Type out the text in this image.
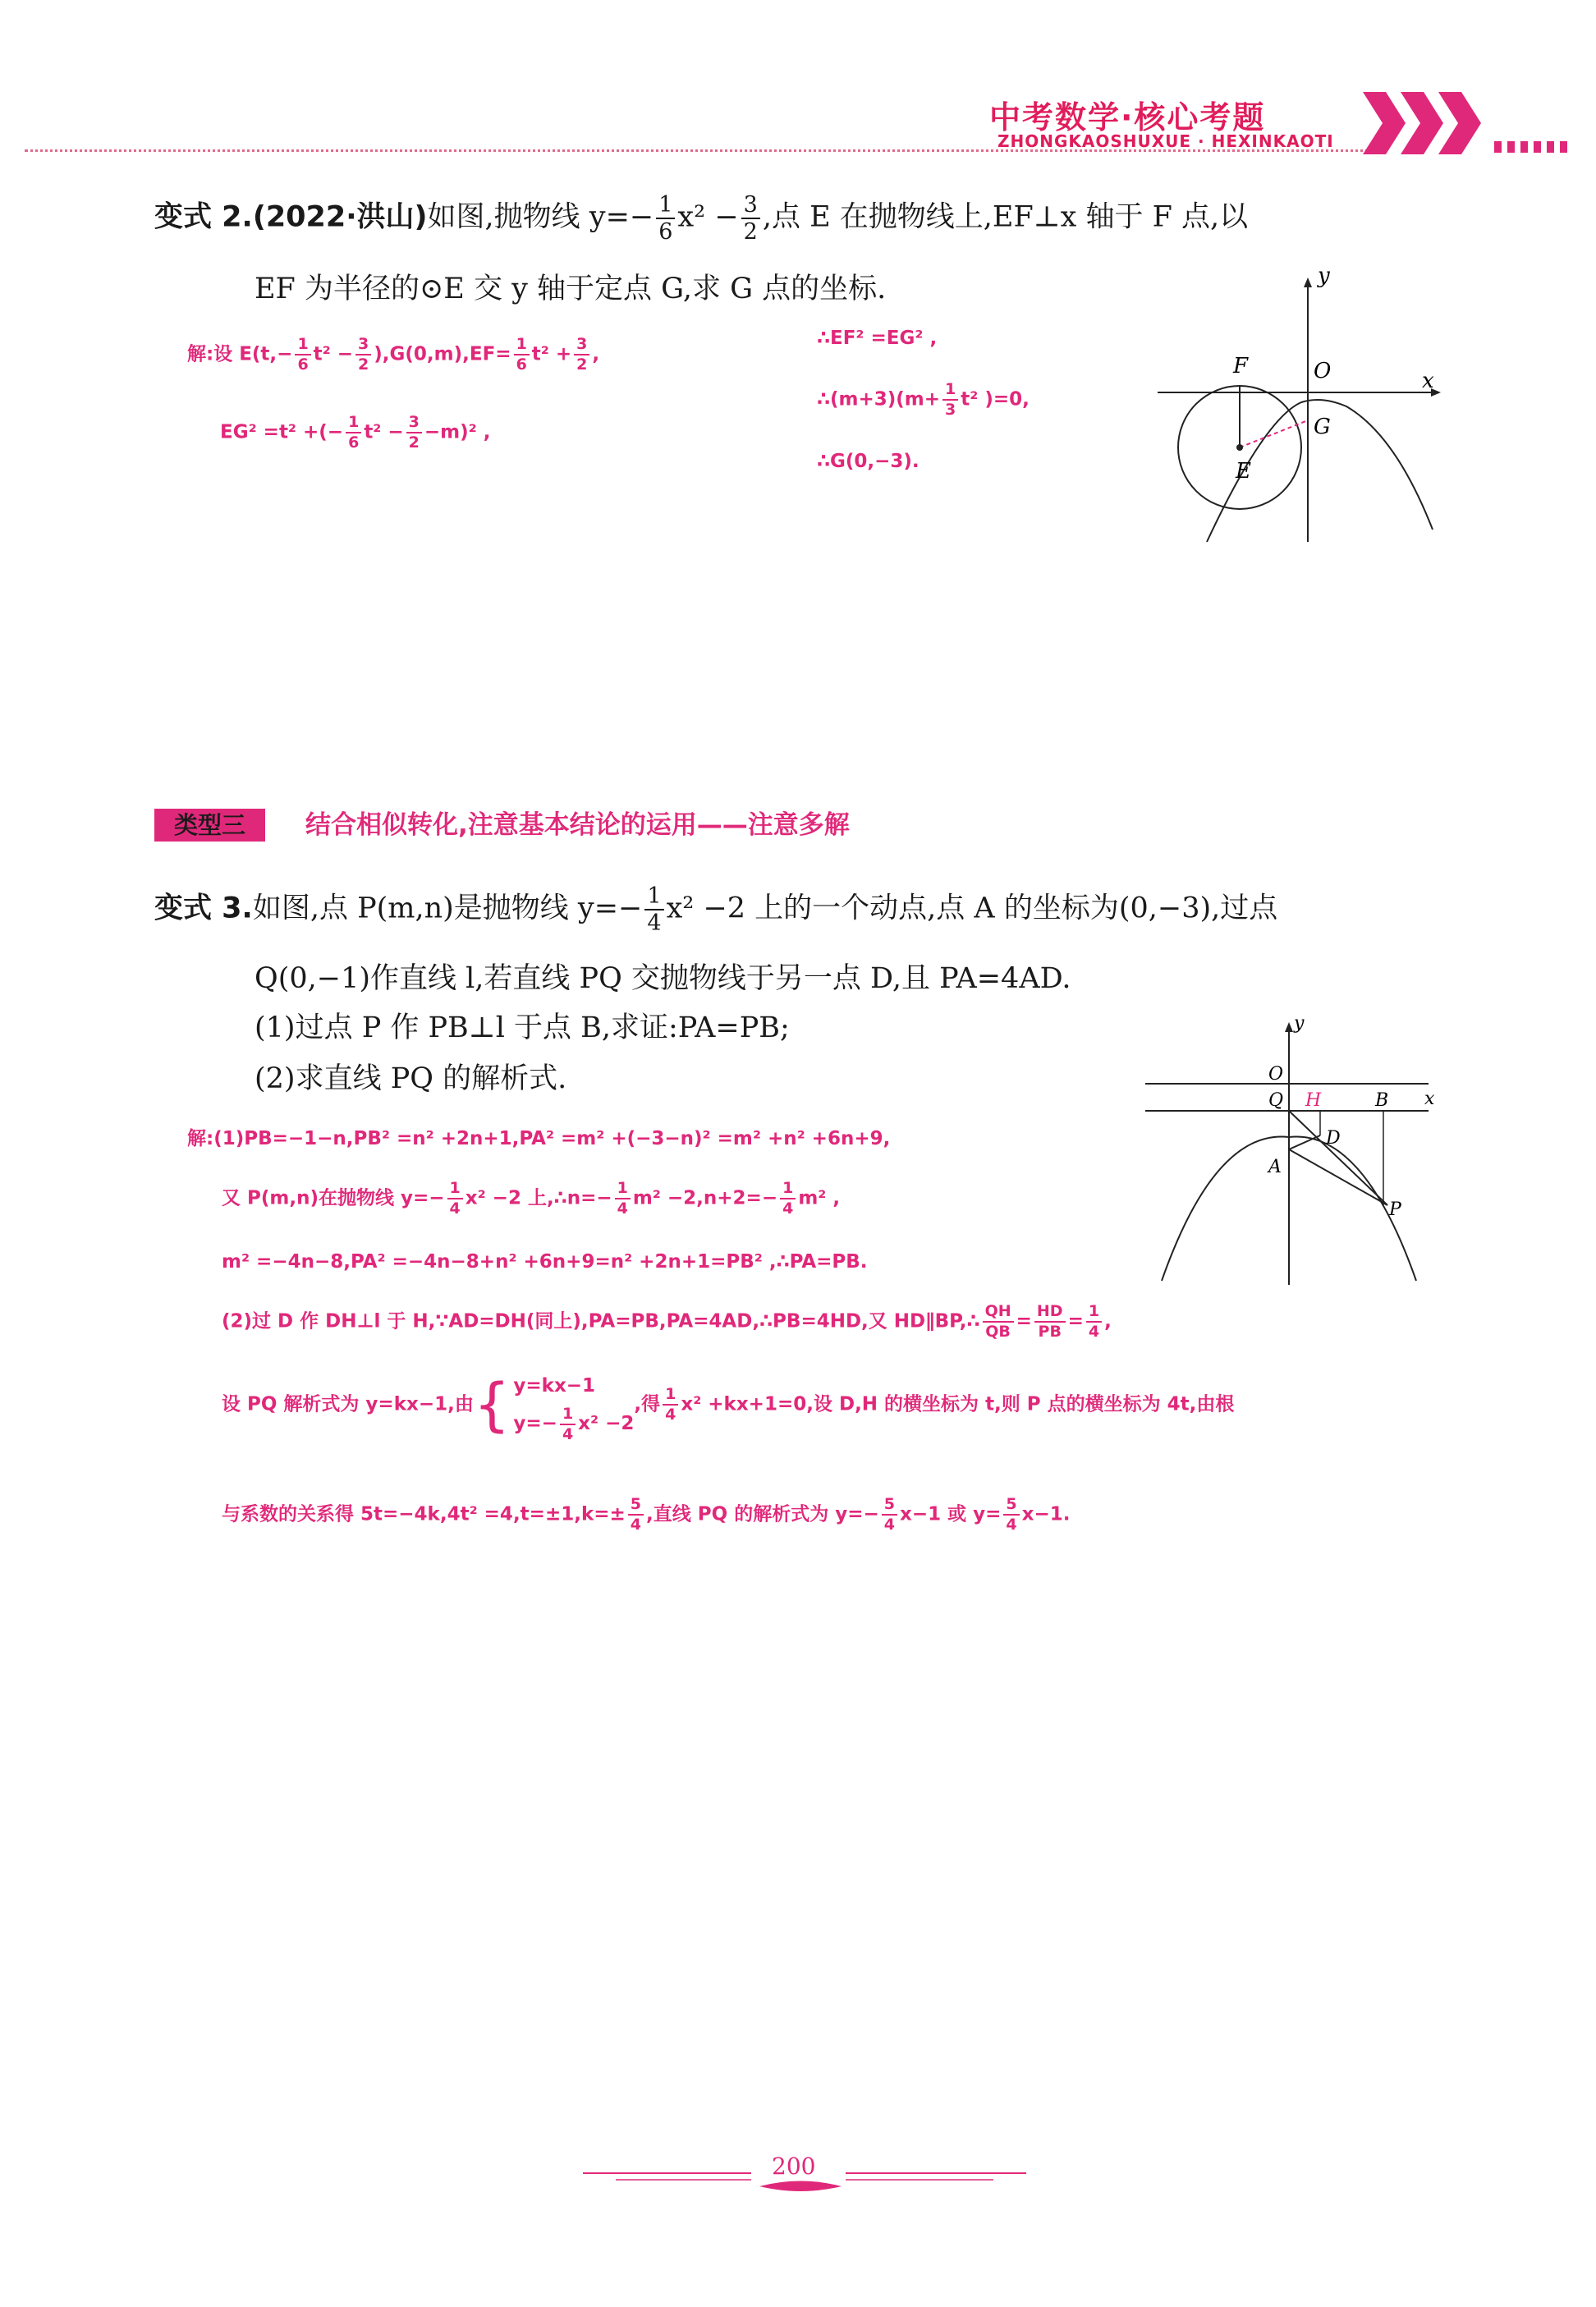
中考数学·核心考题
ZHONGKAOSHUXUE · HEXINKAOTI
变式 2.(2022·洪山)如图,抛物线 $y=- \frac{1}{6} x^2 - \frac{3}{2}$ ,点 E 在抛物线上,EF⊥x 轴于 F 点,以
EF 为半径的⊙E 交 y 轴于定点 G,求 G 点的坐标.
解:设 $E(t,- \frac{1}{6} t^2 - \frac{3}{2} ),G(0,m),EF= \frac{1}{6} t^2 + \frac{3}{2}$ ,
EG² =t² +(− $\frac{1}{6} t^2 - \frac{3}{2} -m)^2$ ,
∴EF² =EG² ,
∴(m+3)(m+ $\frac{1}{3} t^2$ )=0,
∴G(0,−3).
y
x
F	O
G
E
类型三	结合相似转化,注意基本结论的运用——注意多解
变式 3.如图,点 P(m,n)是抛物线 $y=- \frac{1}{4} x^2 -2$ 上的一个动点,点 A 的坐标为(0,−3),过点
Q(0,−1)作直线 l,若直线 PQ 交抛物线于另一点 D,且 PA=4AD.
(1)过点 P 作 PB⊥l 于点 B,求证:PA=PB;
(2)求直线 PQ 的解析式.
y
O
Q H	B x
D
A
P
解:(1)PB=−1−n,PB² =n² +2n+1,PA² =m² +(−3−n)² =m² +n² +6n+9,
又 P(m,n)在抛物线 $y=- \frac{1}{4} x^2 -2$ 上,∴n=− $\frac{1}{4} m^2 -2,n+2=- \frac{1}{4} m^2$ ,
m² =−4n−8,PA² =−4n−8+n² +6n+9=n² +2n+1=PB² ,∴PA=PB.
(2)过 D 作 DH⊥l 于 H,∵AD=DH(同上),PA=PB,PA=4AD,∴PB=4HD,又 HD∥BP,∴ $\frac{QH}{QB} = \frac{HD}{PB} = \frac{1}{4}$ ,
设 PQ 解析式为 y=kx−1,由{ y=kx−1
$y=- \frac{1}{4} x^2 -2$
,得 $\frac{1}{4} x^2 +kx+1=0$,设 D,H 的横坐标为 t,则 P 点的横坐标为 4t,由根
与系数的关系得 $5t=-4k,4t^2 =4,t=\pm 1,k=\pm \frac{5}{4}$ ,直线 PQ 的解析式为 $y=- \frac{5}{4} x-1$ 或 $y= \frac{5}{4} x-1$.
200
